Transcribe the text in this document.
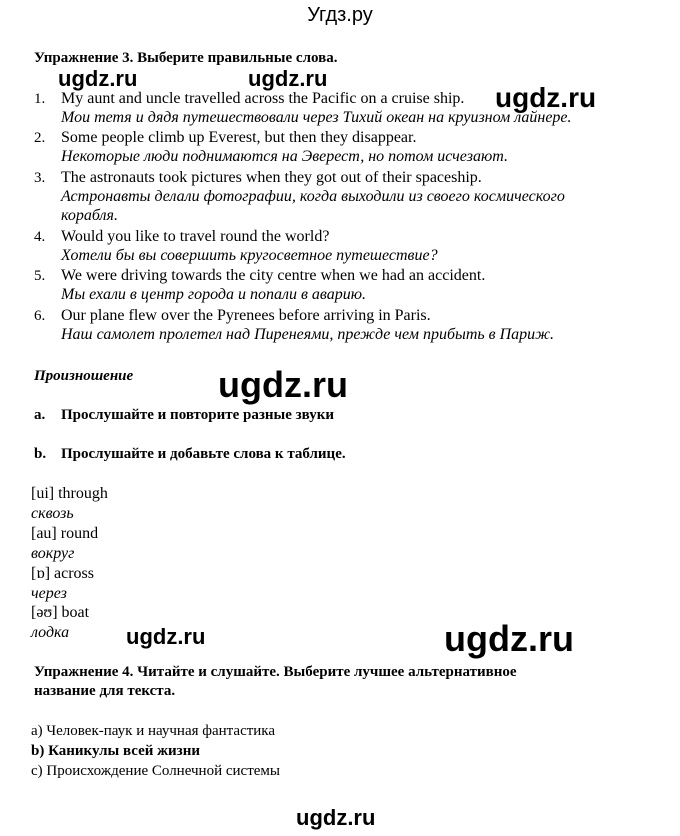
Угдз.ру
ugdz.ru	ugdz.ru
ugdz.ru
ugdz.ru
ugdz.ru	ugdz.ru
ugdz.ru
Упражнение 3. Выберите правильные слова.
1. My aunt and uncle travelled across the Pacific on a cruise ship.
Мои тетя и дядя путешествовали через Тихий океан на круизном лайнере.
2. Some people climb up Everest, but then they disappear.
Некоторые люди поднимаются на Эверест, но потом исчезают.
3. The astronauts took pictures when they got out of their spaceship.
Астронавты делали фотографии, когда выходили из своего космического
корабля.
4. Would you like to travel round the world?
Хотели бы вы совершить кругосветное путешествие?
5. We were driving towards the city centre when we had an accident.
Мы ехали в центр города и попали в аварию.
6. Our plane flew over the Pyrenees before arriving in Paris.
Наш самолет пролетел над Пиренеями, прежде чем прибыть в Париж.
Произношение
a. Прослушайте и повторите разные звуки
b. Прослушайте и добавьте слова к таблице.
[ui] through
сквозь
[au] round
вокруг
[ɒ] across
через
[əʊ] boat
лодка
Упражнение 4. Читайте и слушайте. Выберите лучшее альтернативное
название для текста.
a) Человек-паук и научная фантастика
b) Каникулы всей жизни
c) Происхождение Солнечной системы
